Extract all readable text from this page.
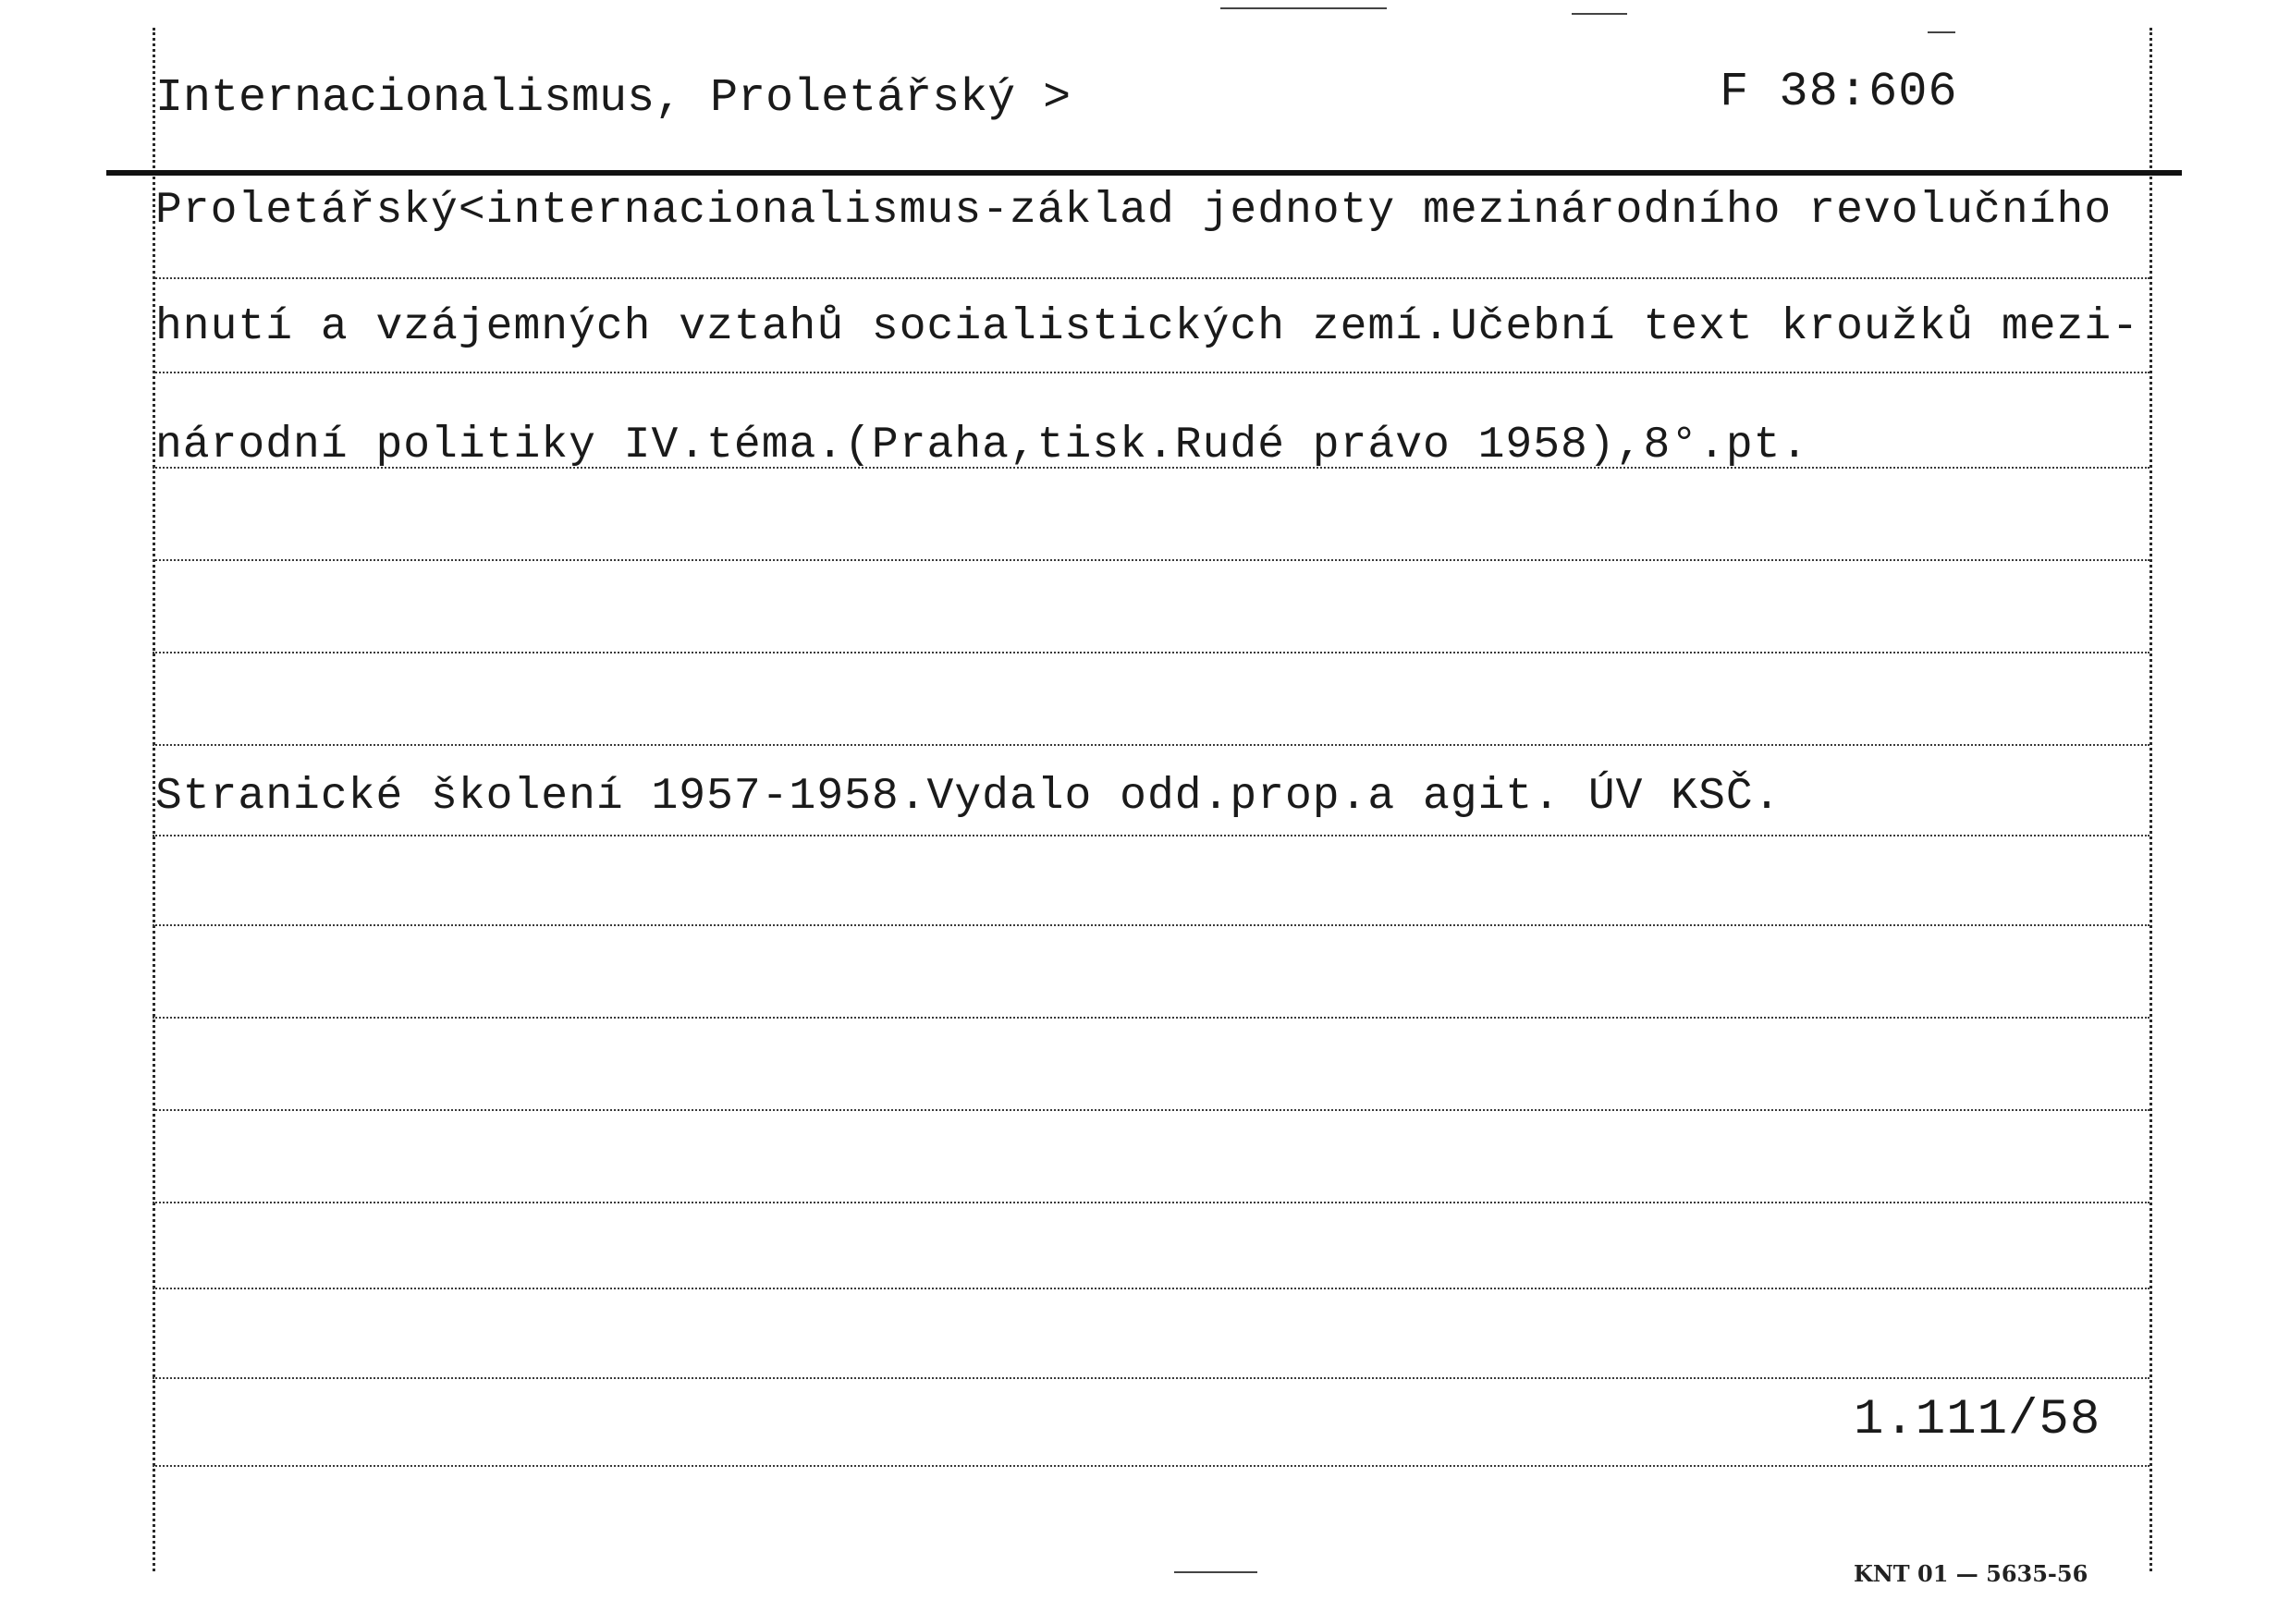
Internacionalismus, Proletářský >	F 38:606
Proletářský<internacionalismus-základ jednoty mezinárodního revolučního
hnutí a vzájemných vztahů socialistických zemí.Učební text kroužků mezi-
národní politiky IV.téma.(Praha,tisk.Rudé právo 1958),8°.pt.
Stranické školení 1957-1958.Vydalo odd.prop.a agit. ÚV KSČ.
1.111/58
KNT 01 — 5635-56
